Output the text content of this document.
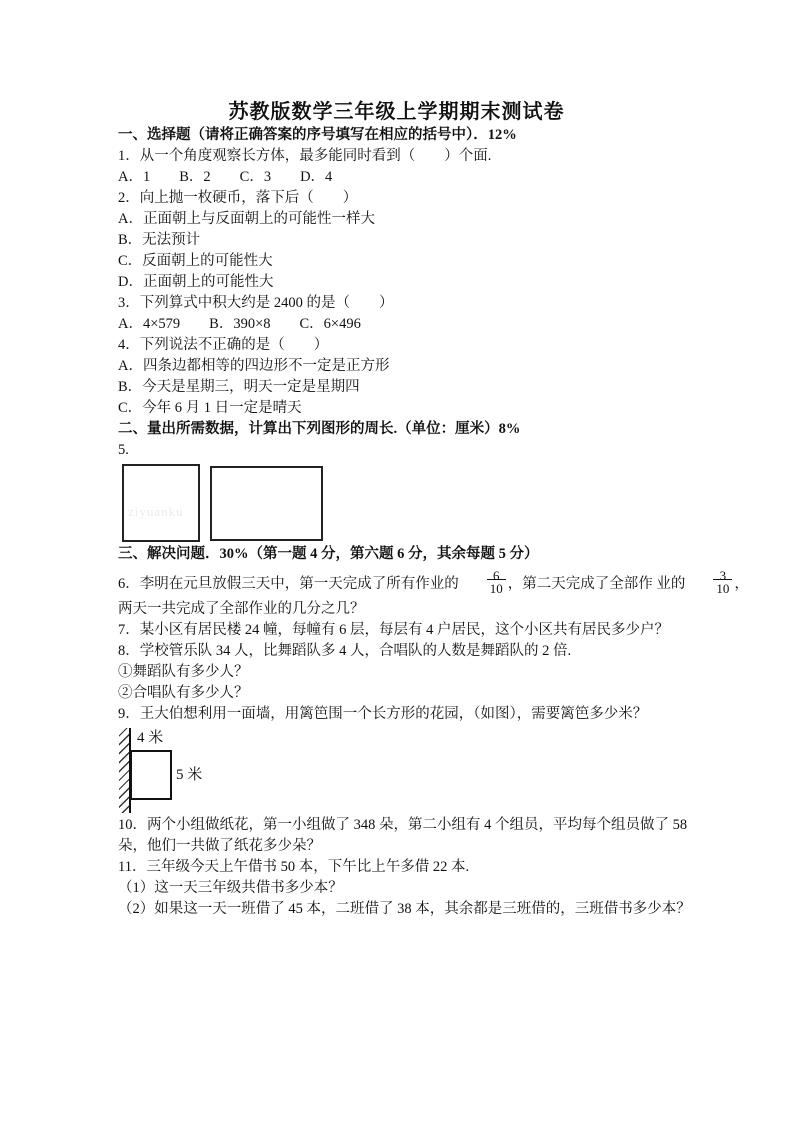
苏教版数学三年级上学期期末测试卷

一、选择题（请将正确答案的序号填写在相应的括号中）．12%

1．从一个角度观察长方体，最多能同时看到（　　）个面.

A．1　　B．2　　C．3　　D．4

2．向上抛一枚硬币，落下后（　　）

A．正面朝上与反面朝上的可能性一样大

B．无法预计

C．反面朝上的可能性大

D．正面朝上的可能性大

3．下列算式中积大约是 2400 的是（　　）

A．4×579　　B．390×8　　C．6×496

4．下列说法不正确的是（　　）

A．四条边都相等的四边形不一定是正方形

B．今天是星期三，明天一定是星期四

C．今年 6 月 1 日一定是晴天

二、量出所需数据，计算出下列图形的周长.（单位：厘米）8%

5.

ziyuanku

三、解决问题．30%（第一题 4 分，第六题 6 分，其余每题 5 分）

6．李明在元旦放假三天中，第一天完成了所有作业的	6
10
，第二天完成了全部作 业的	3
10
，

两天一共完成了全部作业的几分之几？

7．某小区有居民楼 24 幢，每幢有 6 层，每层有 4 户居民，这个小区共有居民多少户？

8．学校管乐队 34 人，比舞蹈队多 4 人，合唱队的人数是舞蹈队的 2 倍.

①舞蹈队有多少人？

②合唱队有多少人？

9．王大伯想利用一面墙，用篱笆围一个长方形的花园，（如图），需要篱笆多少米？

4 米
5 米

10．两个小组做纸花，第一小组做了 348 朵，第二小组有 4 个组员，平均每个组员做了 58

朵，他们一共做了纸花多少朵？

11．三年级今天上午借书 50 本，下午比上午多借 22 本.

（1）这一天三年级共借书多少本？

（2）如果这一天一班借了 45 本，二班借了 38 本，其余都是三班借的，三班借书多少本？
